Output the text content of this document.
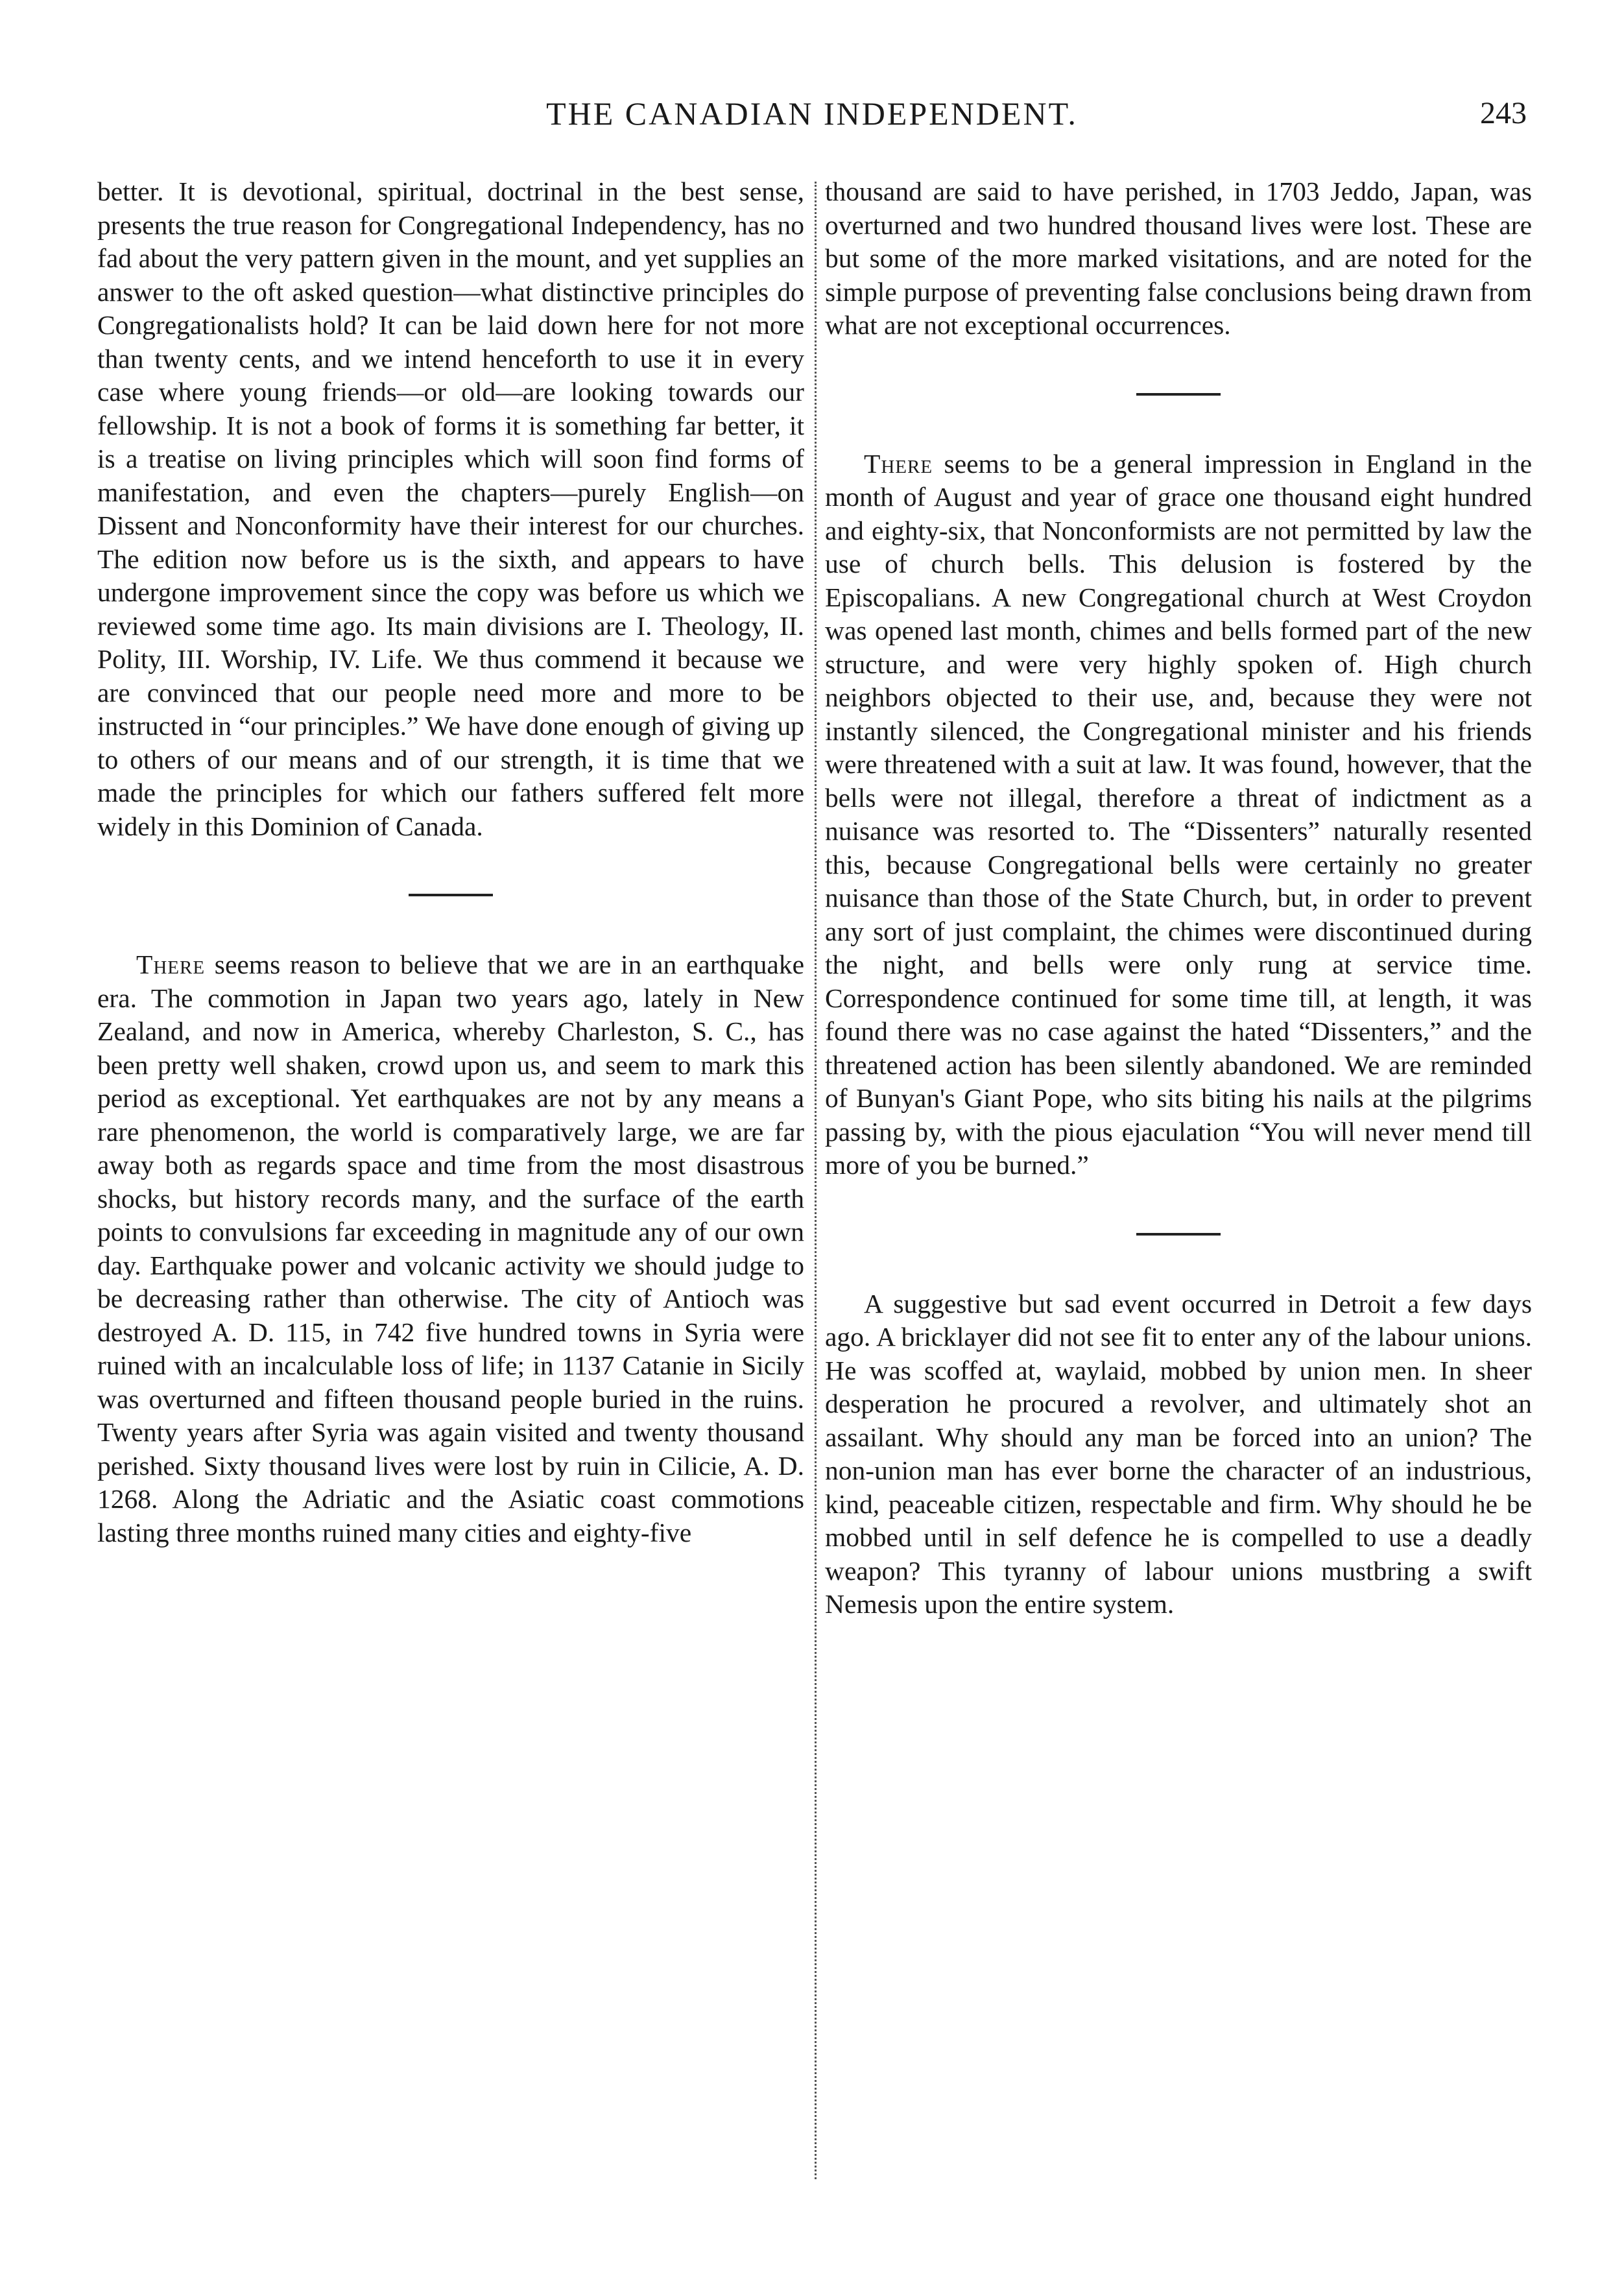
THE CANADIAN INDEPENDENT.	243

better. It is devotional, spiritual, doctrinal in the best sense, presents the true reason for Congregational Independency, has no fad about the very pattern given in the mount, and yet supplies an answer to the oft asked question—what distinctive principles do Congregationalists hold? It can be laid down here for not more than twenty cents, and we intend henceforth to use it in every case where young friends—or old—are looking towards our fellowship. It is not a book of forms it is something far better, it is a treatise on living principles which will soon find forms of manifestation, and even the chapters—purely English—on Dissent and Nonconformity have their interest for our churches. The edition now before us is the sixth, and appears to have undergone improvement since the copy was before us which we reviewed some time ago. Its main divisions are I. Theology, II. Polity, III. Worship, IV. Life. We thus commend it because we are convinced that our people need more and more to be instructed in “our principles.” We have done enough of giving up to others of our means and of our strength, it is time that we made the principles for which our fathers suffered felt more widely in this Dominion of Canada.

There seems reason to believe that we are in an earthquake era. The commotion in Japan two years ago, lately in New Zealand, and now in America, whereby Charleston, S. C., has been pretty well shaken, crowd upon us, and seem to mark this period as exceptional. Yet earthquakes are not by any means a rare phenomenon, the world is comparatively large, we are far away both as regards space and time from the most disastrous shocks, but history records many, and the surface of the earth points to convulsions far exceeding in magnitude any of our own day. Earthquake power and volcanic activity we should judge to be decreasing rather than otherwise. The city of Antioch was destroyed A. D. 115, in 742 five hundred towns in Syria were ruined with an incalculable loss of life; in 1137 Catanie in Sicily was overturned and fifteen thousand people buried in the ruins. Twenty years after Syria was again visited and twenty thousand perished. Sixty thousand lives were lost by ruin in Cilicie, A. D. 1268. Along the Adriatic and the Asiatic coast commotions lasting three months ruined many cities and eighty-five

thousand are said to have perished, in 1703 Jeddo, Japan, was overturned and two hundred thousand lives were lost. These are but some of the more marked visitations, and are noted for the simple purpose of preventing false conclusions being drawn from what are not exceptional occurrences.

There seems to be a general impression in England in the month of August and year of grace one thousand eight hundred and eighty-six, that Nonconformists are not permitted by law the use of church bells. This delusion is fostered by the Episcopalians. A new Congregational church at West Croydon was opened last month, chimes and bells formed part of the new structure, and were very highly spoken of. High church neighbors objected to their use, and, because they were not instantly silenced, the Congregational minister and his friends were threatened with a suit at law. It was found, however, that the bells were not illegal, therefore a threat of indictment as a nuisance was resorted to. The “Dissenters” naturally resented this, because Congregational bells were certainly no greater nuisance than those of the State Church, but, in order to prevent any sort of just complaint, the chimes were discontinued during the night, and bells were only rung at service time. Correspondence continued for some time till, at length, it was found there was no case against the hated “Dissenters,” and the threatened action has been silently abandoned. We are reminded of Bunyan's Giant Pope, who sits biting his nails at the pilgrims passing by, with the pious ejaculation “You will never mend till more of you be burned.”

A suggestive but sad event occurred in Detroit a few days ago. A bricklayer did not see fit to enter any of the labour unions. He was scoffed at, waylaid, mobbed by union men. In sheer desperation he procured a revolver, and ultimately shot an assailant. Why should any man be forced into an union? The non-union man has ever borne the character of an industrious, kind, peaceable citizen, respectable and firm. Why should he be mobbed until in self defence he is compelled to use a deadly weapon? This tyranny of labour unions mustbring a swift Nemesis upon the entire system.
